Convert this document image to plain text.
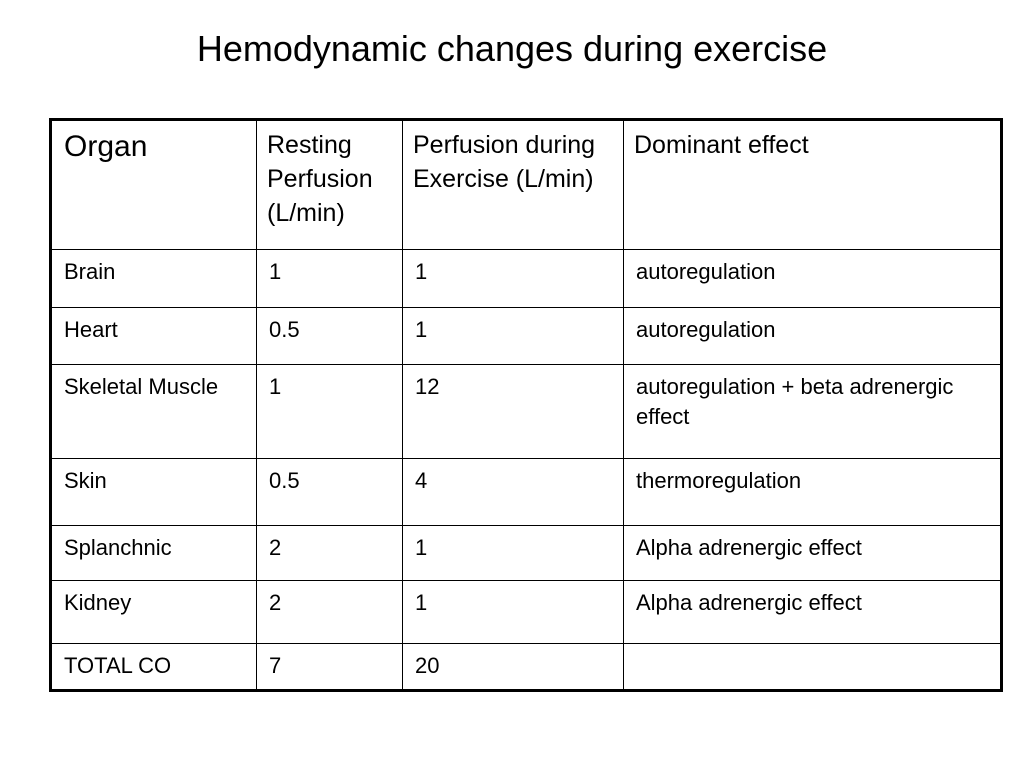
Hemodynamic changes during exercise
Organ	Resting Perfusion (L/min)	Perfusion during Exercise (L/min)	Dominant effect
Brain	1	1	autoregulation
Heart	0.5	1	autoregulation
Skeletal Muscle	1	12	autoregulation + beta adrenergic effect
Skin	0.5	4	thermoregulation
Splanchnic	2	1	Alpha adrenergic effect
Kidney	2	1	Alpha adrenergic effect
TOTAL CO	7	20	
